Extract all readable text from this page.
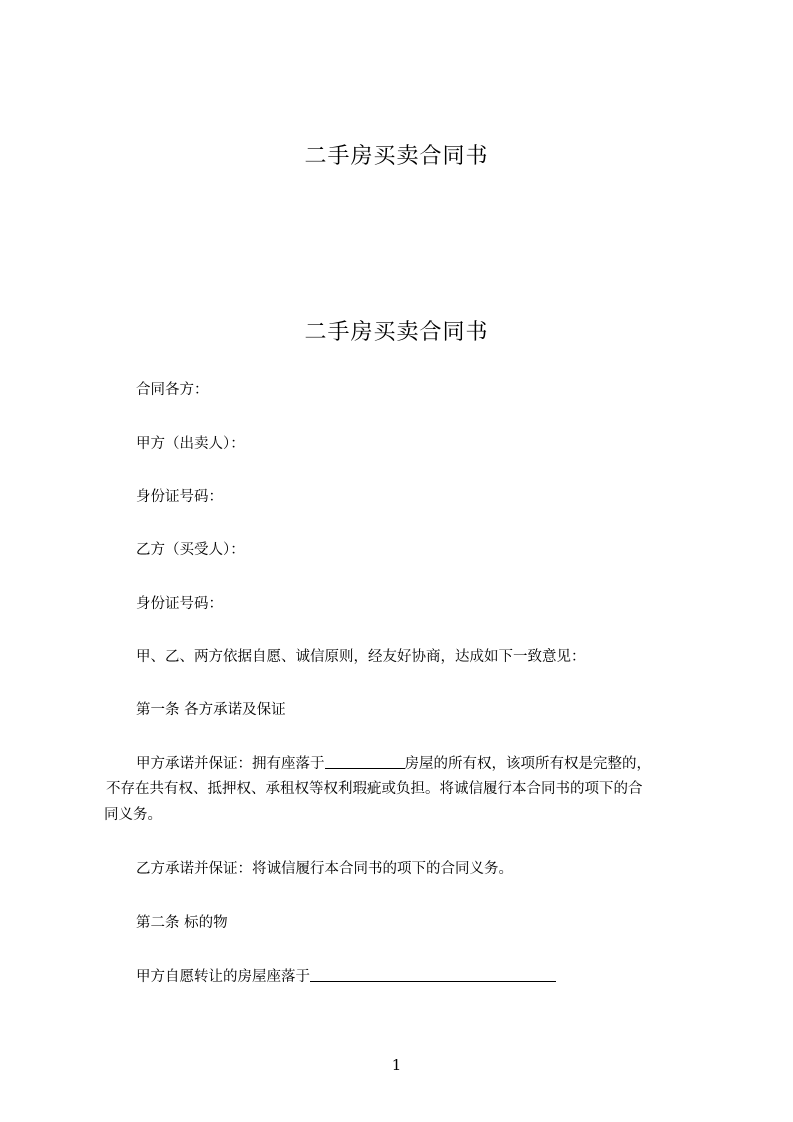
二手房买卖合同书
二手房买卖合同书
合同各方：
甲方（出卖人）：
身份证号码：
乙方（买受人）：
身份证号码：
甲、乙、两方依据自愿、诚信原则，经友好协商，达成如下一致意见：
第一条 各方承诺及保证
甲方承诺并保证：拥有座落于	房屋的所有权，该项所有权是完整的，
不存在共有权、抵押权、承租权等权利瑕疵或负担。将诚信履行本合同书的项下的合
同义务。
乙方承诺并保证：将诚信履行本合同书的项下的合同义务。
第二条 标的物
甲方自愿转让的房屋座落于
1
